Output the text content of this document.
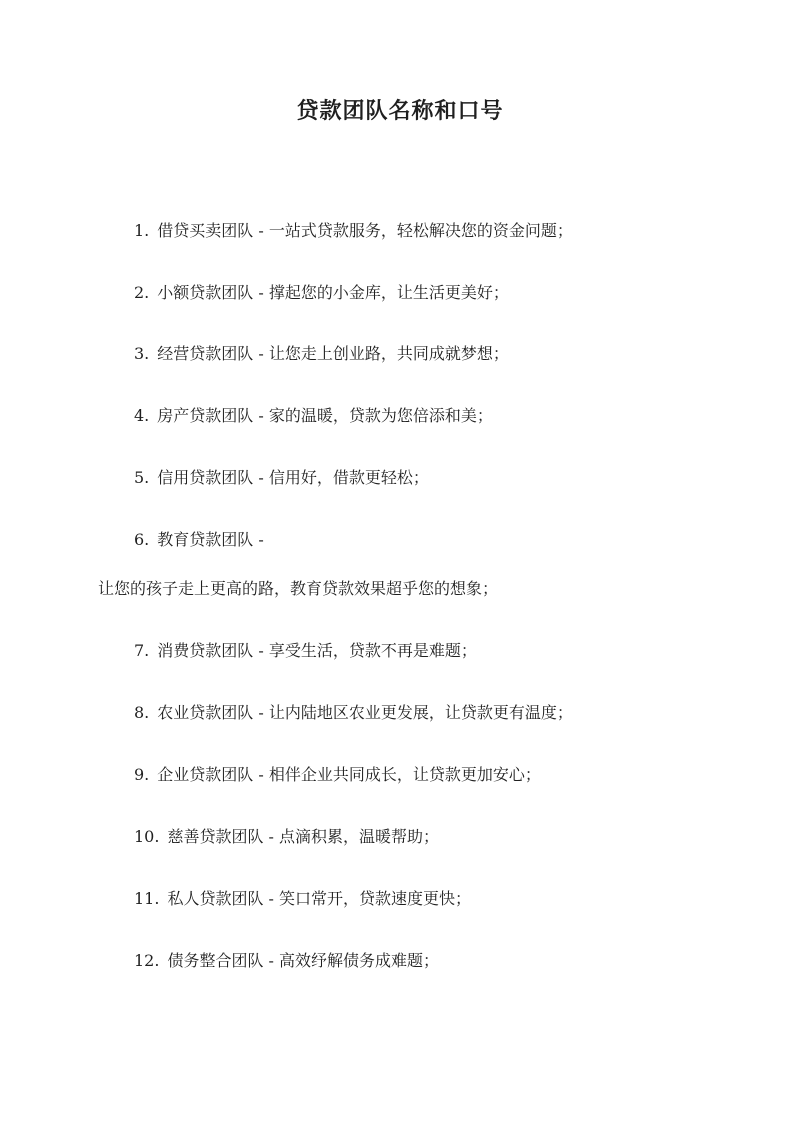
贷款团队名称和口号
1. 借贷买卖团队 - 一站式贷款服务，轻松解决您的资金问题；
2. 小额贷款团队 - 撑起您的小金库，让生活更美好；
3. 经营贷款团队 - 让您走上创业路，共同成就梦想；
4. 房产贷款团队 - 家的温暖，贷款为您倍添和美；
5. 信用贷款团队 - 信用好，借款更轻松；
6. 教育贷款团队 -
让您的孩子走上更高的路，教育贷款效果超乎您的想象；
7. 消费贷款团队 - 享受生活，贷款不再是难题；
8. 农业贷款团队 - 让内陆地区农业更发展，让贷款更有温度；
9. 企业贷款团队 - 相伴企业共同成长，让贷款更加安心；
10. 慈善贷款团队 - 点滴积累，温暖帮助；
11. 私人贷款团队 - 笑口常开，贷款速度更快；
12. 债务整合团队 - 高效纾解债务成难题；
